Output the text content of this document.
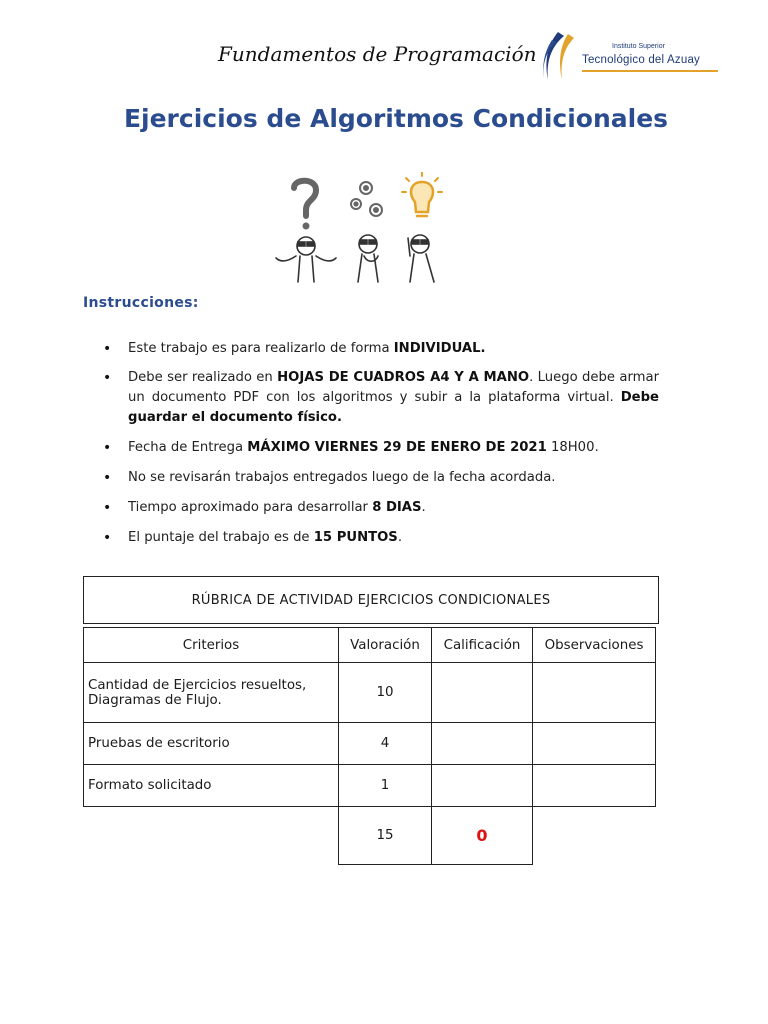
Fundamentos de Programación	Instituto Superior
Tecnológico del Azuay
Ejercicios de Algoritmos Condicionales
Instrucciones:
• Este trabajo es para realizarlo de forma INDIVIDUAL.
• Debe ser realizado en HOJAS DE CUADROS A4 Y A MANO. Luego debe armar un documento PDF con los algoritmos y subir a la plataforma virtual. Debe guardar el documento físico.
• Fecha de Entrega MÁXIMO VIERNES 29 DE ENERO DE 2021 18H00.
• No se revisarán trabajos entregados luego de la fecha acordada.
• Tiempo aproximado para desarrollar 8 DIAS.
• El puntaje del trabajo es de 15 PUNTOS.
RÚBRICA DE ACTIVIDAD EJERCICIOS CONDICIONALES
Criterios	Valoración	Calificación	Observaciones
Cantidad de Ejercicios resueltos, Diagramas de Flujo.	10		
Pruebas de escritorio	4		
Formato solicitado	1		
	15	0	
